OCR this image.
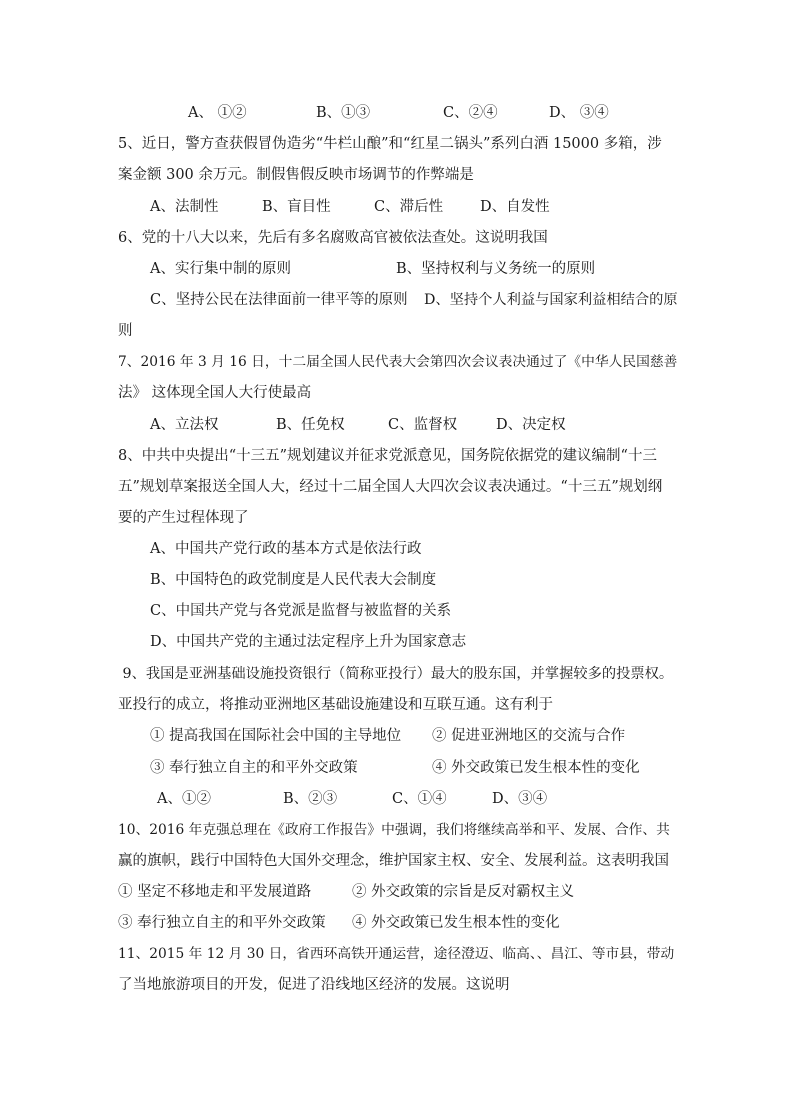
A、 ①②	B、①③	C、②④	D、 ③④
5、近日，警方查获假冒伪造劣“牛栏山酿”和“红星二锅头”系列白酒 15000 多箱，涉
案金额 300 余万元。制假售假反映市场调节的作弊端是
A、法制性	B、盲目性	C、滞后性	D、自发性
6、党的十八大以来，先后有多名腐败高官被依法查处。这说明我国
A、实行集中制的原则	B、坚持权利与义务统一的原则
C、坚持公民在法律面前一律平等的原则 D、坚持个人利益与国家利益相结合的原
则
7、2016 年 3 月 16 日，十二届全国人民代表大会第四次会议表决通过了《中华人民国慈善
法》 这体现全国人大行使最高
A、立法权	B、任免权	C、监督权	D、决定权
8、中共中央提出“十三五”规划建议并征求党派意见，国务院依据党的建议编制“十三
五”规划草案报送全国人大，经过十二届全国人大四次会议表决通过。“十三五”规划纲
要的产生过程体现了
A、中国共产党行政的基本方式是依法行政
B、中国特色的政党制度是人民代表大会制度
C、中国共产党与各党派是监督与被监督的关系
D、中国共产党的主通过法定程序上升为国家意志
9、我国是亚洲基础设施投资银行（简称亚投行）最大的股东国，并掌握较多的投票权。
亚投行的成立，将推动亚洲地区基础设施建设和互联互通。这有利于
① 提高我国在国际社会中国的主导地位 ② 促进亚洲地区的交流与合作
③ 奉行独立自主的和平外交政策	④ 外交政策已发生根本性的变化
A、①②	B、②③	C、①④	D、③④
10、2016 年克强总理在《政府工作报告》中强调，我们将继续高举和平、发展、合作、共
赢的旗帜，践行中国特色大国外交理念，维护国家主权、安全、发展利益。这表明我国
① 坚定不移地走和平发展道路	② 外交政策的宗旨是反对霸权主义
③ 奉行独立自主的和平外交政策 ④ 外交政策已发生根本性的变化
11、2015 年 12 月 30 日，省西环高铁开通运营，途径澄迈、临高、、昌江、等市县，带动
了当地旅游项目的开发，促进了沿线地区经济的发展。这说明
